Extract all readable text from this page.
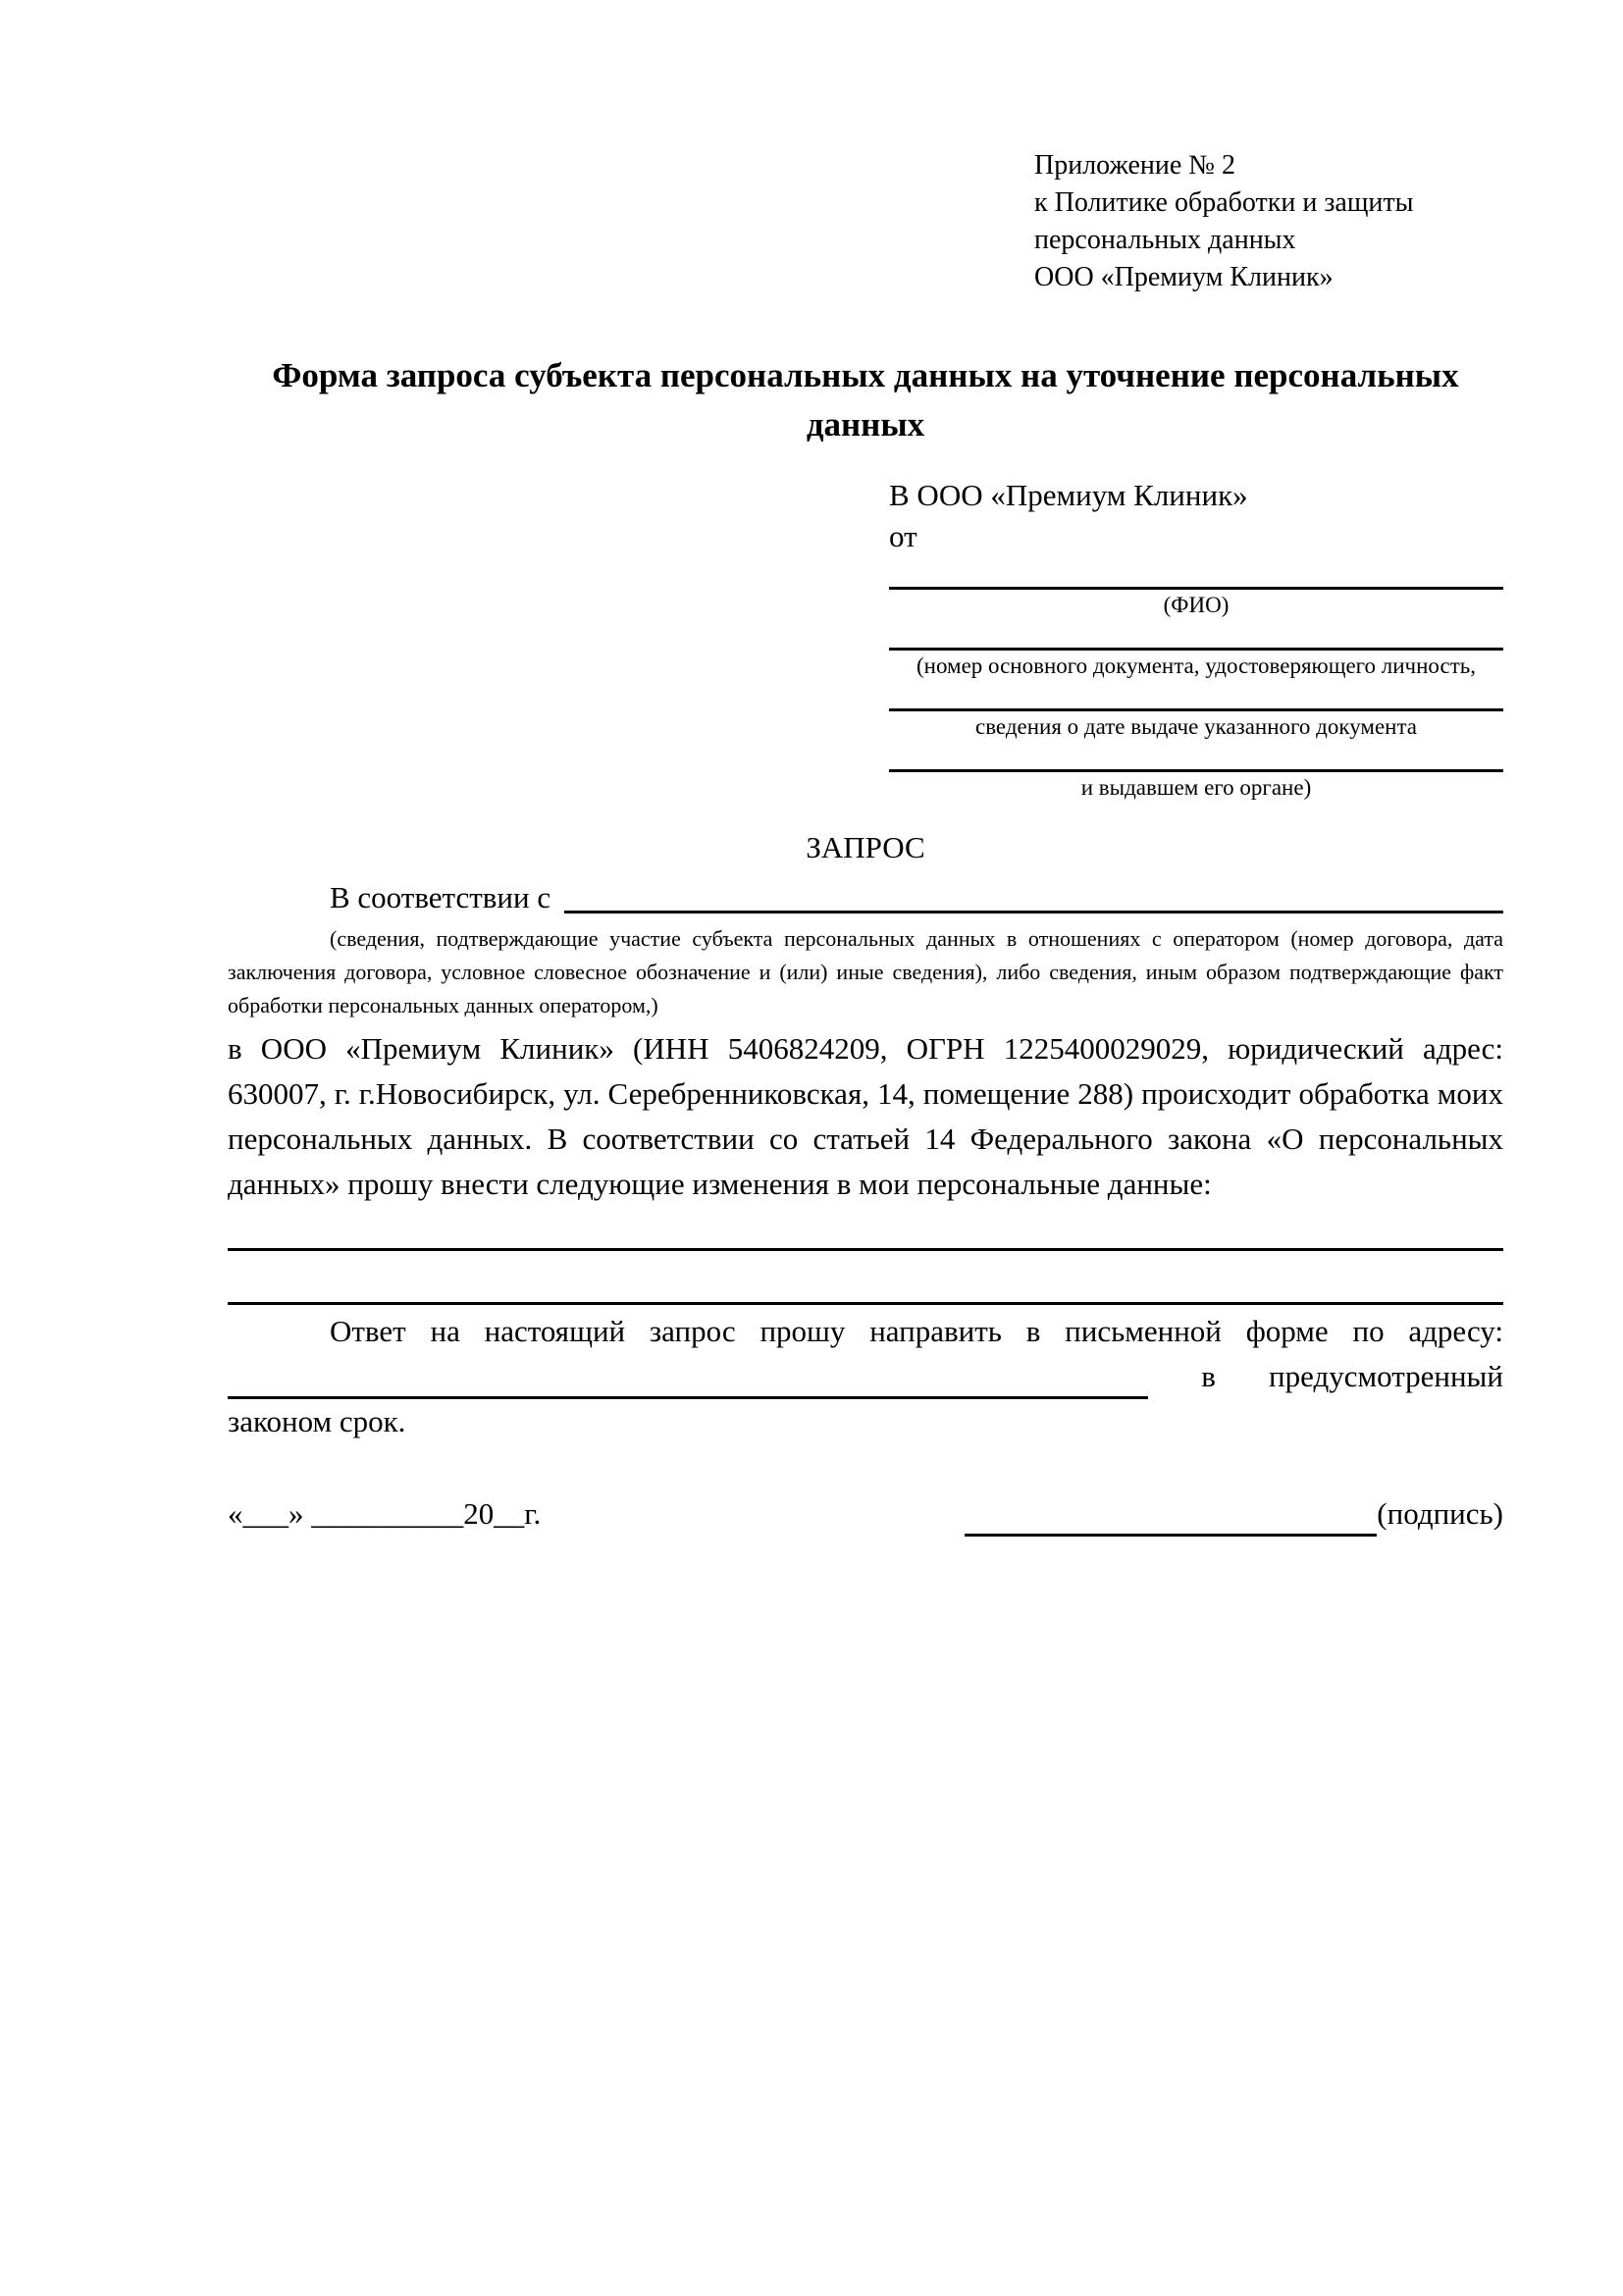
Приложение № 2
к Политике обработки и защиты
персональных данных
ООО «Премиум Клиник»
Форма запроса субъекта персональных данных на уточнение персональных данных
В ООО «Премиум Клиник»
от
(ФИО)
(номер основного документа, удостоверяющего личность,
сведения о дате выдаче указанного документа
и выдавшем его органе)
ЗАПРОС
В соответствии с
(сведения, подтверждающие участие субъекта персональных данных в отношениях с оператором (номер договора, дата заключения договора, условное словесное обозначение и (или) иные сведения), либо сведения, иным образом подтверждающие факт обработки персональных данных оператором,)
в ООО «Премиум Клиник» (ИНН 5406824209, ОГРН 1225400029029, юридический адрес: 630007, г. г.Новосибирск, ул. Серебренниковская, 14, помещение 288) происходит обработка моих персональных данных. В соответствии со статьей 14 Федерального закона «О персональных данных» прошу внести следующие изменения в мои персональные данные:
Ответ на настоящий запрос прошу направить в письменной форме по адресу:
в предусмотренный
законом срок.
«___» __________20__г.	(подпись)
